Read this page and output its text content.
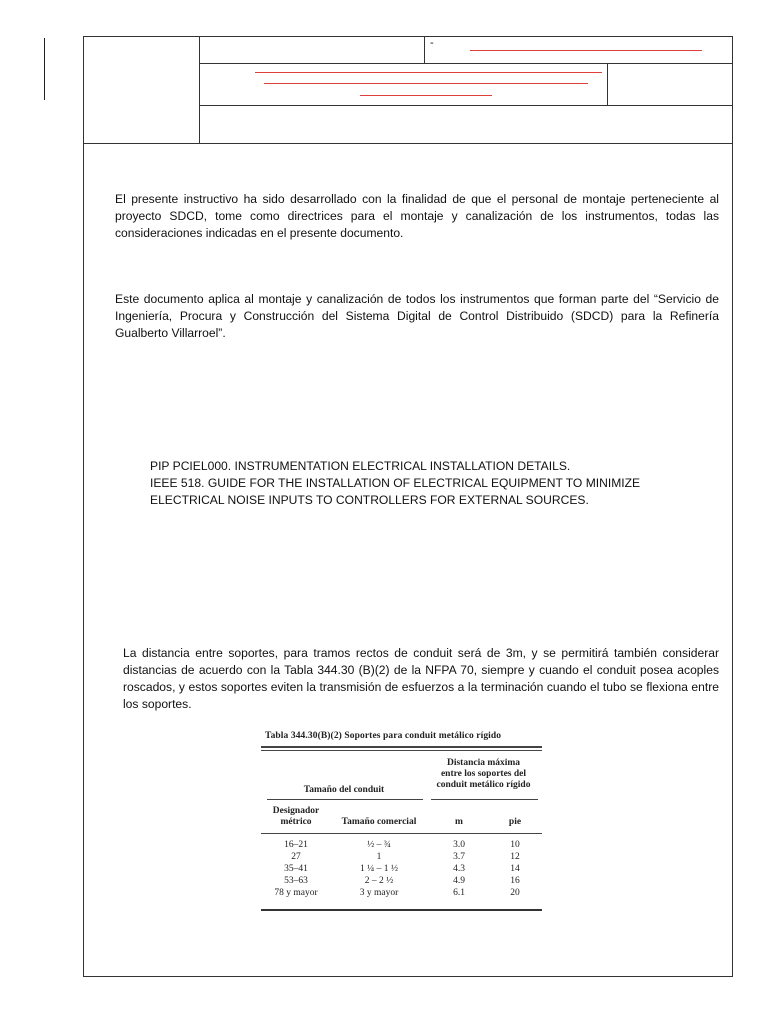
-

El presente instructivo ha sido desarrollado con la finalidad de que el personal de montaje perteneciente al proyecto SDCD, tome como directrices para el montaje y canalización de los instrumentos, todas las consideraciones indicadas en el presente documento.

Este documento aplica al montaje y canalización de todos los instrumentos que forman parte del “Servicio de Ingeniería, Procura y Construcción del Sistema Digital de Control Distribuido (SDCD) para la Refinería Gualberto Villarroel”.

PIP PCIEL000. INSTRUMENTATION ELECTRICAL INSTALLATION DETAILS.
IEEE 518. GUIDE FOR THE INSTALLATION OF ELECTRICAL EQUIPMENT TO MINIMIZE
ELECTRICAL NOISE INPUTS TO CONTROLLERS FOR EXTERNAL SOURCES.

La distancia entre soportes, para tramos rectos de conduit será de 3m, y se permitirá también considerar distancias de acuerdo con la Tabla 344.30 (B)(2) de la NFPA 70, siempre y cuando el conduit posea acoples roscados, y estos soportes eviten la transmisión de esfuerzos a la terminación cuando el tubo se flexiona entre los soportes.

Tabla 344.30(B)(2) Soportes para conduit metálico rígido
Distancia máxima
entre los soportes del
conduit metálico rígido
Tamaño del conduit
Designador
métrico	Tamaño comercial	m	pie
16–21	½ – ¾	3.0	10
27	1	3.7	12
35–41	1 ¼ – 1 ½	4.3	14
53–63	2 – 2 ½	4.9	16
78 y mayor	3 y mayor	6.1	20
